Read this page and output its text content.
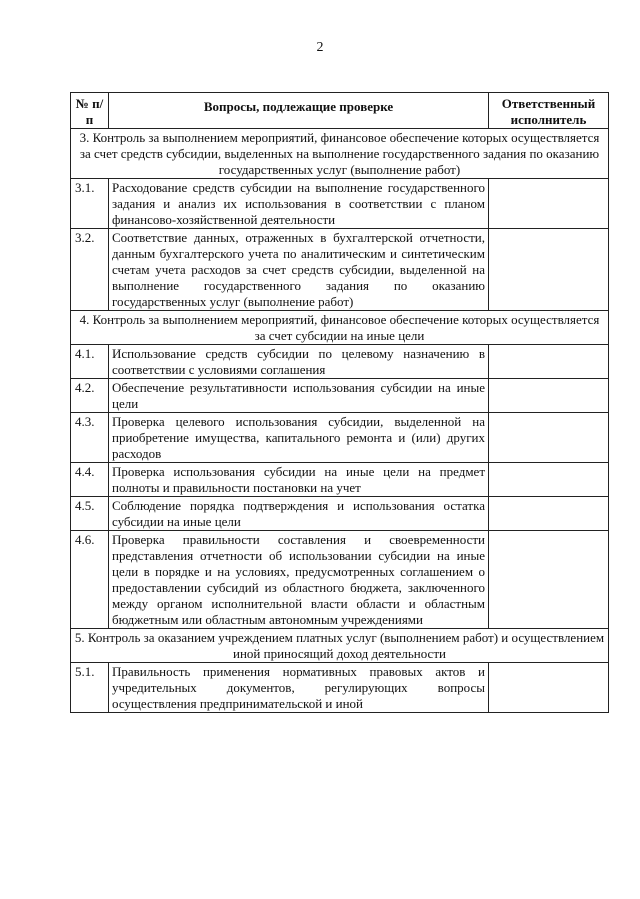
2
№ п/п	Вопросы, подлежащие проверке	Ответственный исполнитель
3. Контроль за выполнением мероприятий, финансовое обеспечение которых осуществляется за счет средств субсидии, выделенных на выполнение государственного задания по оказанию государственных услуг (выполнение работ)		
3.1.	Расходование средств субсидии на выполнение государственного задания и анализ их использования в соответствии с планом финансово-хозяйственной деятельности	
3.2.	Соответствие данных, отраженных в бухгалтерской отчетности, данным бухгалтерского учета по аналитическим и синтетическим счетам учета расходов за счет средств субсидии, выделенной на выполнение государственного задания по оказанию государственных услуг (выполнение работ)	
4. Контроль за выполнением мероприятий, финансовое обеспечение которых осуществляется за счет субсидии на иные цели		
4.1.	Использование средств субсидии по целевому назначению в соответствии с условиями соглашения	
4.2.	Обеспечение результативности использования субсидии на иные цели	
4.3.	Проверка целевого использования субсидии, выделенной на приобретение имущества, капитального ремонта и (или) других расходов	
4.4.	Проверка использования субсидии на иные цели на предмет полноты и правильности постановки на учет	
4.5.	Соблюдение порядка подтверждения и использования остатка субсидии на иные цели	
4.6.	Проверка правильности составления и своевременности представления отчетности об использовании субсидии на иные цели в порядке и на условиях, предусмотренных соглашением о предоставлении субсидий из областного бюджета, заключенного между органом исполнительной власти области и областным бюджетным или областным автономным учреждениями	
5. Контроль за оказанием учреждением платных услуг (выполнением работ) и осуществлением иной приносящий доход деятельности		
5.1.	Правильность применения нормативных правовых актов и учредительных документов, регулирующих вопросы осуществления предпринимательской и иной	
